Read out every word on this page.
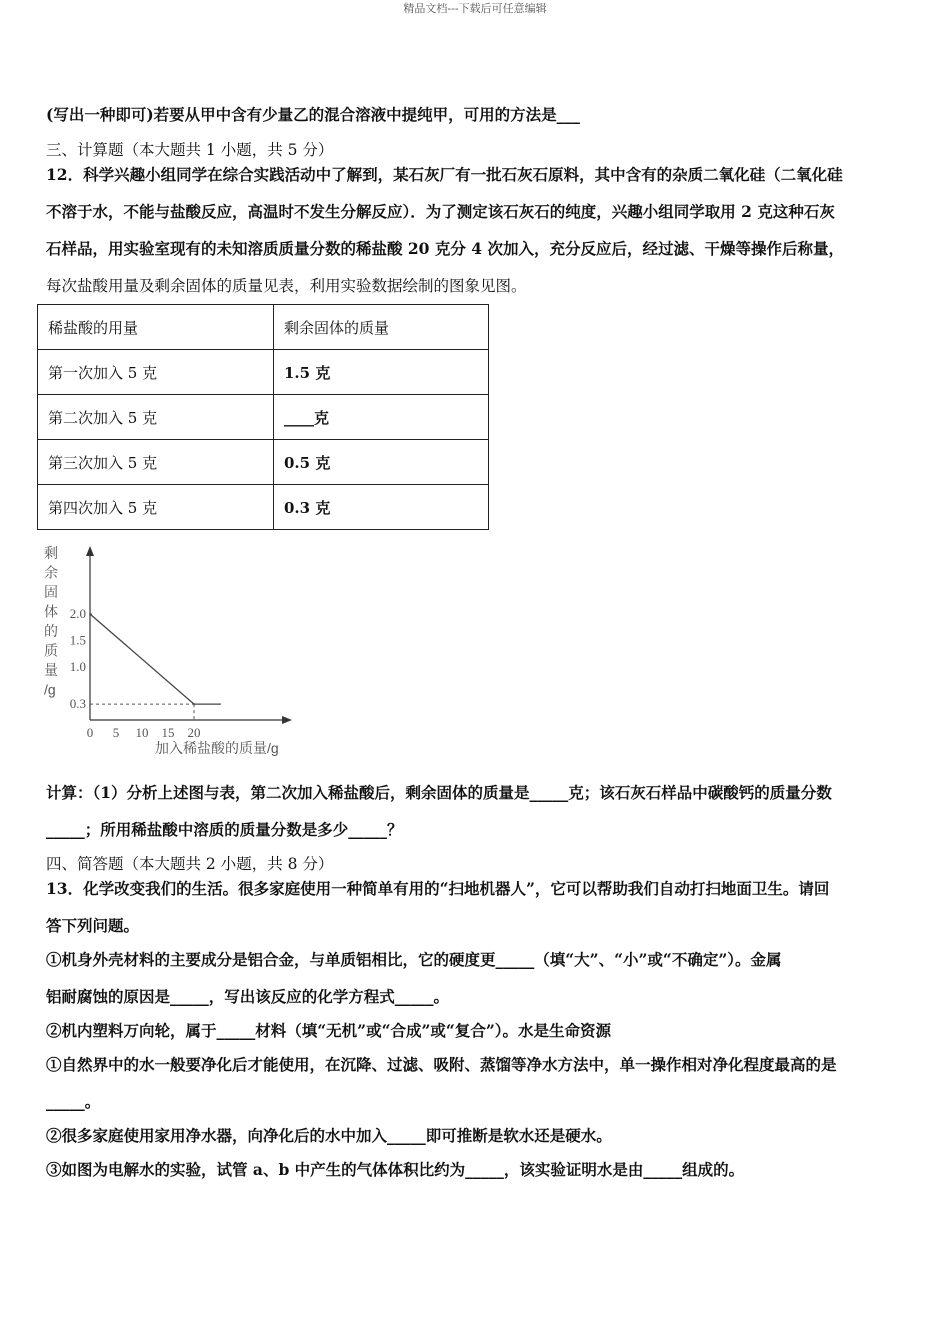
精品文档---下载后可任意编辑
(写出一种即可)若要从甲中含有少量乙的混合溶液中提纯甲，可用的方法是___
三、计算题（本大题共 1 小题，共 5 分）
12．科学兴趣小组同学在综合实践活动中了解到，某石灰厂有一批石灰石原料，其中含有的杂质二氧化硅（二氧化硅
不溶于水，不能与盐酸反应，高温时不发生分解反应）．为了测定该石灰石的纯度，兴趣小组同学取用 2 克这种石灰
石样品，用实验室现有的未知溶质质量分数的稀盐酸 20 克分 4 次加入，充分反应后，经过滤、干燥等操作后称量，
每次盐酸用量及剩余固体的质量见表，利用实验数据绘制的图象见图。
稀盐酸的用量	剩余固体的质量
第一次加入 5 克	1.5 克
第二次加入 5 克	____克
第三次加入 5 克	0.5 克
第四次加入 5 克	0.3 克
剩
余
固
体
的
质
量
/g
0 5 10 15 20
0.3
1.0
1.5
2.0
加入稀盐酸的质量/g
计算：（1）分析上述图与表，第二次加入稀盐酸后，剩余固体的质量是_____克；该石灰石样品中碳酸钙的质量分数
_____；所用稀盐酸中溶质的质量分数是多少_____？
四、简答题（本大题共 2 小题，共 8 分）
13．化学改变我们的生活。很多家庭使用一种简单有用的“扫地机器人”，它可以帮助我们自动打扫地面卫生。请回
答下列问题。
①机身外壳材料的主要成分是铝合金，与单质铝相比，它的硬度更_____（填“大”、“小”或“不确定”）。金属
铝耐腐蚀的原因是_____，写出该反应的化学方程式_____。
②机内塑料万向轮，属于_____材料（填“无机”或“合成”或“复合”）。水是生命资源
①自然界中的水一般要净化后才能使用，在沉降、过滤、吸附、蒸馏等净水方法中，单一操作相对净化程度最高的是
_____。
②很多家庭使用家用净水器，向净化后的水中加入_____即可推断是软水还是硬水。
③如图为电解水的实验，试管 a、b 中产生的气体体积比约为_____，该实验证明水是由_____组成的。
